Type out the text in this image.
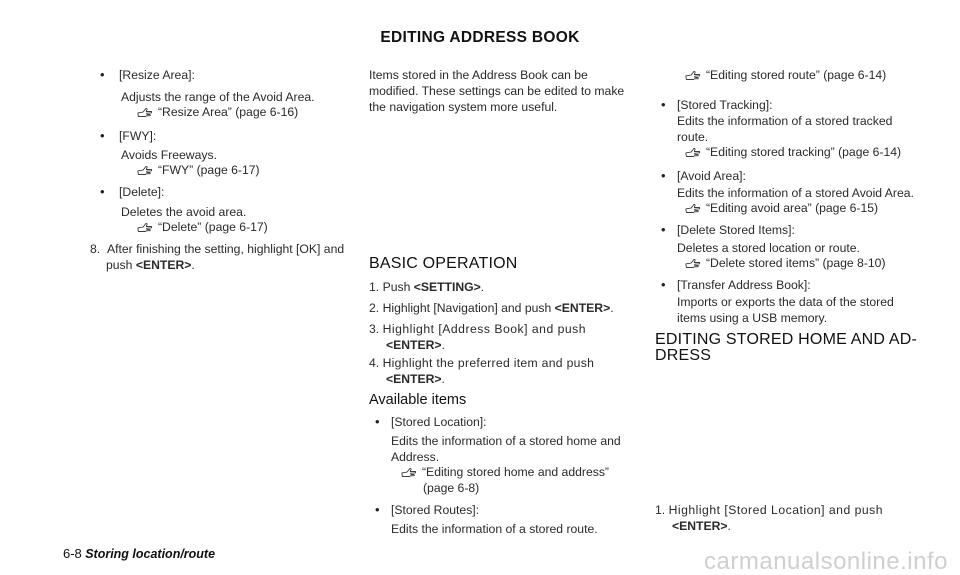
EDITING ADDRESS BOOK
• [Resize Area]:
Adjusts the range of the Avoid Area.
“Resize Area” (page 6-16)
• [FWY]:
Avoids Freeways.
“FWY” (page 6-17)
• [Delete]:
Deletes the avoid area.
“Delete” (page 6-17)
8. After finishing the setting, highlight [OK] and
push <ENTER>.
Items stored in the Address Book can be
modified. These settings can be edited to make
the navigation system more useful.
BASIC OPERATION
1. Push <SETTING>.
2. Highlight [Navigation] and push <ENTER>.
3. Highlight [Address Book] and push
<ENTER>.
4. Highlight the preferred item and push
<ENTER>.
Available items
• [Stored Location]:
Edits the information of a stored home and
Address.
“Editing stored home and address”
(page 6-8)
• [Stored Routes]:
Edits the information of a stored route.
“Editing stored route” (page 6-14)
• [Stored Tracking]:
Edits the information of a stored tracked
route.
“Editing stored tracking” (page 6-14)
• [Avoid Area]:
Edits the information of a stored Avoid Area.
“Editing avoid area” (page 6-15)
• [Delete Stored Items]:
Deletes a stored location or route.
“Delete stored items” (page 8-10)
• [Transfer Address Book]:
Imports or exports the data of the stored
items using a USB memory.
EDITING STORED HOME AND AD-
DRESS
1. Highlight [Stored Location] and push
<ENTER>.
6-8 Storing location/route	carmanualsonline.info
